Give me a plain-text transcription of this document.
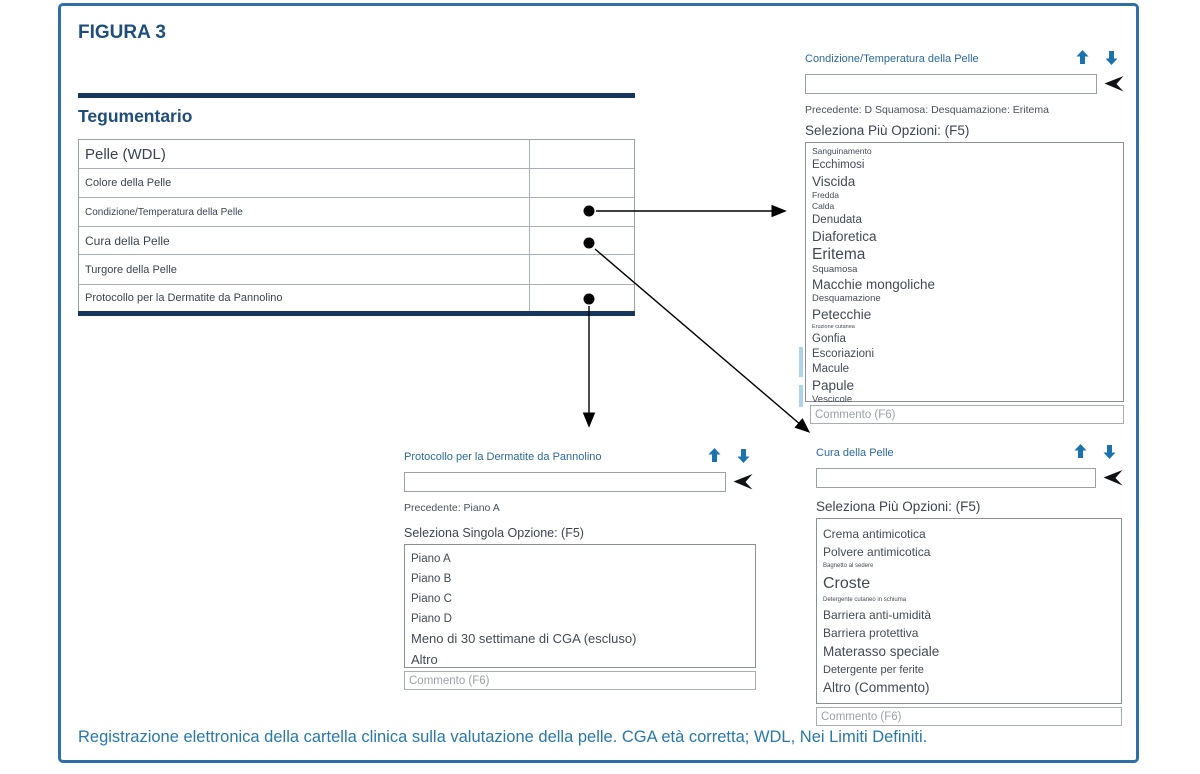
FIGURA 3
Tegumentario
Pelle (WDL)
Colore della Pelle
Condizione/Temperatura della Pelle
Cura della Pelle
Turgore della Pelle
Protocollo per la Dermatite da Pannolino
Condizione/Temperatura della Pelle
Precedente: D Squamosa: Desquamazione: Eritema
Seleziona Più Opzioni: (F5)
Sanguinamento
Ecchimosi
Viscida
Fredda
Calda
Denudata
Diaforetica
Eritema
Squamosa
Macchie mongoliche
Desquamazione
Petecchie
Eruzione cutanea
Gonfia
Escoriazioni
Macule
Papule
Vescicole
Commento (F6)
Protocollo per la Dermatite da Pannolino
Precedente: Piano A
Seleziona Singola Opzione: (F5)
Piano A
Piano B
Piano C
Piano D
Meno di 30 settimane di CGA (escluso)
Altro
Commento (F6)
Cura della Pelle
Seleziona Più Opzioni: (F5)
Crema antimicotica
Polvere antimicotica
Bagnetto al sedere
Croste
Detergente cutaneo in schiuma
Barriera anti-umidità
Barriera protettiva
Materasso speciale
Detergente per ferite
Altro (Commento)
Commento (F6)
Registrazione elettronica della cartella clinica sulla valutazione della pelle. CGA età corretta; WDL, Nei Limiti Definiti.
